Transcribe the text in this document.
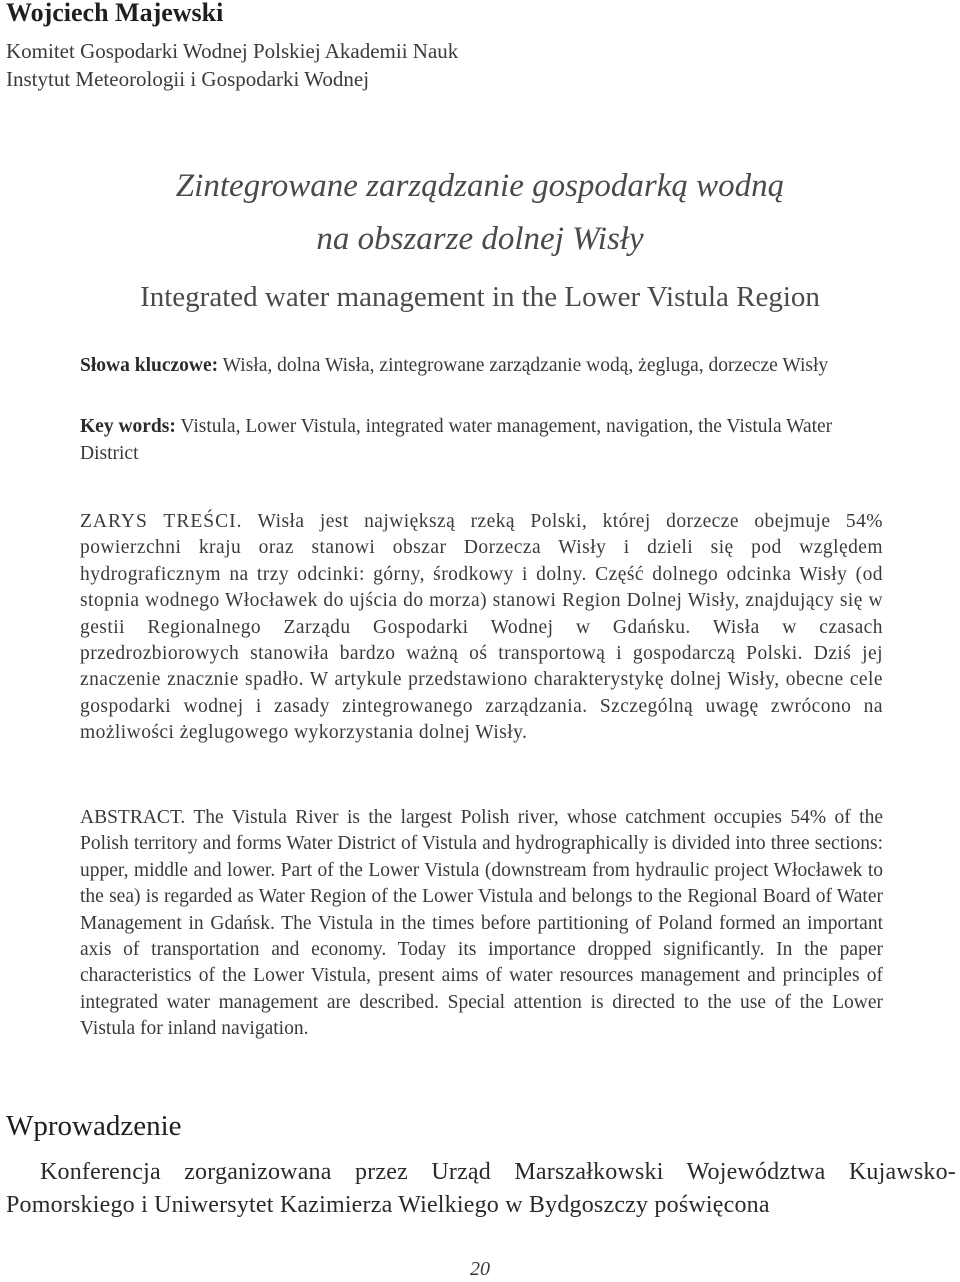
Wojciech Majewski
Komitet Gospodarki Wodnej Polskiej Akademii Nauk
Instytut Meteorologii i Gospodarki Wodnej
Zintegrowane zarządzanie gospodarką wodną
na obszarze dolnej Wisły
Integrated water management in the Lower Vistula Region
Słowa kluczowe: Wisła, dolna Wisła, zintegrowane zarządzanie wodą, żegluga, dorzecze Wisły
Key words: Vistula, Lower Vistula, integrated water management, navigation, the Vistula Water District
ZARYS TREŚCI. Wisła jest największą rzeką Polski, której dorzecze obejmuje 54% powierzchni kraju oraz stanowi obszar Dorzecza Wisły i dzieli się pod względem hydrograficznym na trzy odcinki: górny, środkowy i dolny. Część dolnego odcinka Wisły (od stopnia wodnego Włocławek do ujścia do morza) stanowi Region Dolnej Wisły, znajdujący się w gestii Regionalnego Zarządu Gospodarki Wodnej w Gdańsku. Wisła w czasach przedrozbiorowych stanowiła bardzo ważną oś transportową i gospodarczą Polski. Dziś jej znaczenie znacznie spadło. W artykule przedstawiono charakterystykę dolnej Wisły, obecne cele gospodarki wodnej i zasady zintegrowanego zarządzania. Szczególną uwagę zwrócono na możliwości żeglugowego wykorzystania dolnej Wisły.
ABSTRACT. The Vistula River is the largest Polish river, whose catchment occupies 54% of the Polish territory and forms Water District of Vistula and hydrographically is divided into three sections: upper, middle and lower. Part of the Lower Vistula (downstream from hydraulic project Włocławek to the sea) is regarded as Water Region of the Lower Vistula and belongs to the Regional Board of Water Management in Gdańsk. The Vistula in the times before partitioning of Poland formed an important axis of transportation and economy. Today its importance dropped significantly. In the paper characteristics of the Lower Vistula, present aims of water resources management and principles of integrated water management are described. Special attention is directed to the use of the Lower Vistula for inland navigation.
Wprowadzenie
Konferencja zorganizowana przez Urząd Marszałkowski Województwa Kujawsko-Pomorskiego i Uniwersytet Kazimierza Wielkiego w Bydgoszczy poświęcona
20
